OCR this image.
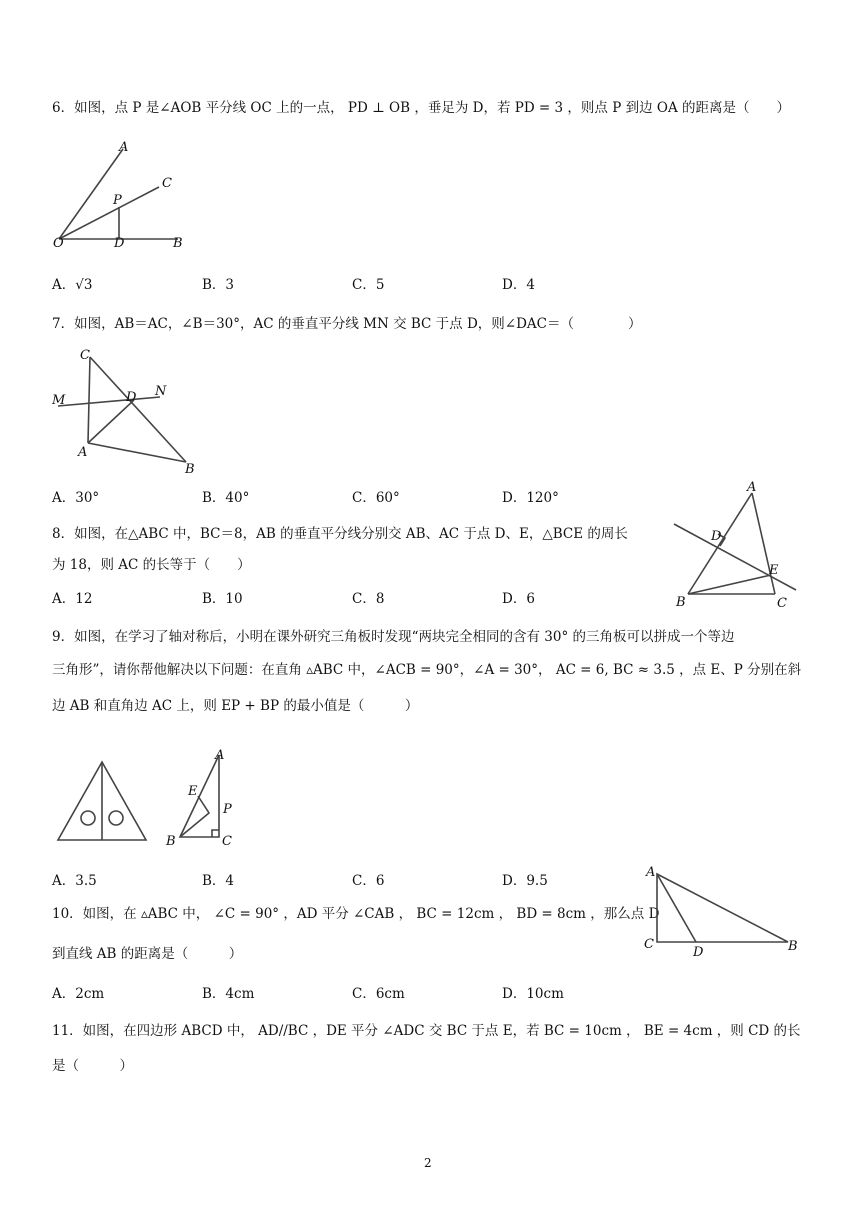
6．如图，点 P 是∠AOB 平分线 OC 上的一点， PD ⊥ OB ，垂足为 D，若 PD = 3 ，则点 P 到边 OA 的距离是（　　）
A
C
P
O	D	B
A．√3	B．3	C．5	D．4
7．如图，AB＝AC，∠B＝30°，AC 的垂直平分线 MN 交 BC 于点 D，则∠DAC＝（　　　　）
C
M	D N
A
B
A．30°	B．40°	C．60°	D．120°
8．如图，在△ABC 中，BC＝8，AB 的垂直平分线分别交 AB、AC 于点 D、E，△BCE 的周长
为 18，则 AC 的长等于（　　）
A
D
E
B	C
A．12	B．10	C．8	D．6
9．如图，在学习了轴对称后，小明在课外研究三角板时发现“两块完全相同的含有 30° 的三角板可以拼成一个等边
三角形”，请你帮他解决以下问题：在直角 ▵ABC 中，∠ACB = 90°，∠A = 30°， AC = 6, BC ≈ 3.5 ，点 E、P 分别在斜
边 AB 和直角边 AC 上，则 EP + BP 的最小值是（　　　）
A
E
P
B	C
A．3.5	B．4	C．6	D．9.5
10．如图，在 ▵ABC 中， ∠C = 90° ，AD 平分 ∠CAB ， BC = 12cm ， BD = 8cm ，那么点 D
到直线 AB 的距离是（　　　）
A
C
D	B
A．2cm	B．4cm	C．6cm	D．10cm
11．如图，在四边形 ABCD 中， AD//BC ，DE 平分 ∠ADC 交 BC 于点 E，若 BC = 10cm ， BE = 4cm ，则 CD 的长
是（　　　）
2
